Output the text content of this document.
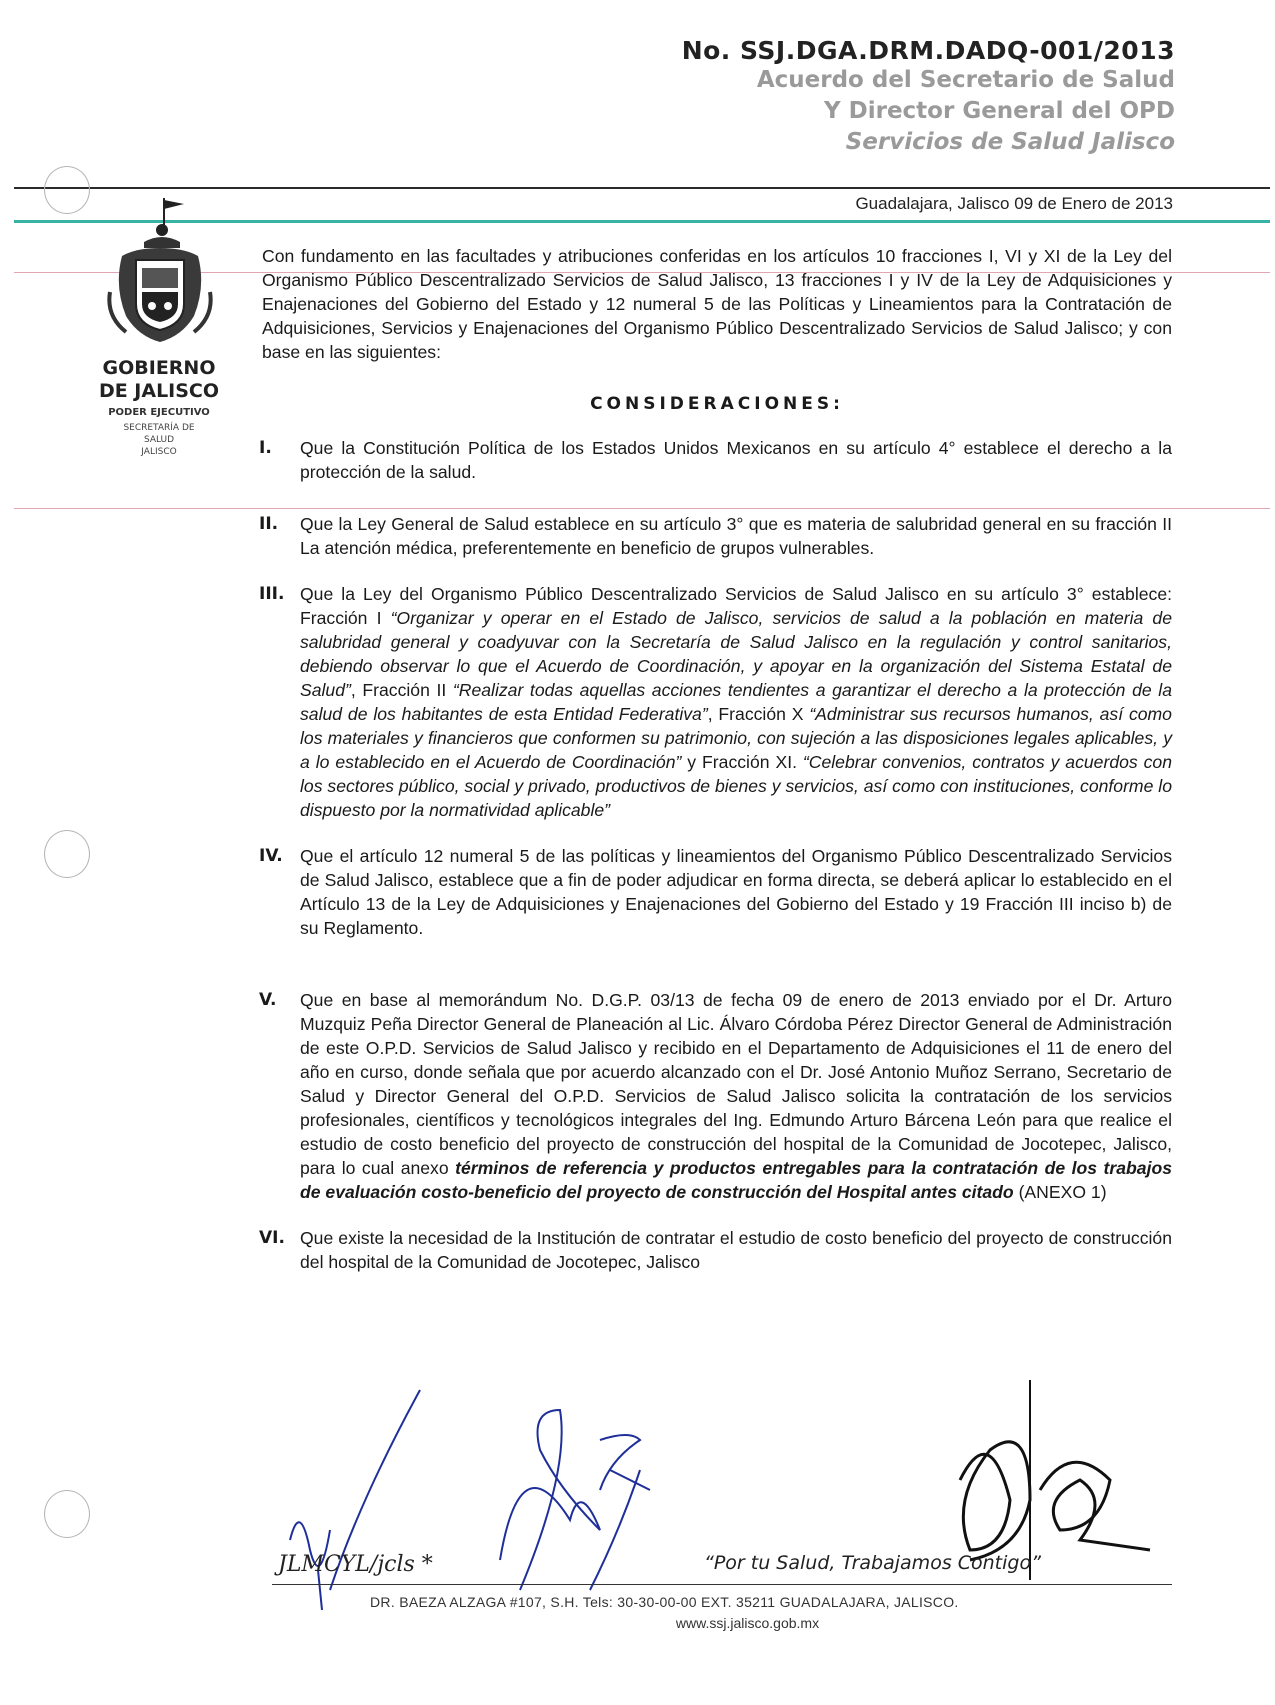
No. SSJ.DGA.DRM.DADQ-001/2013
Acuerdo del Secretario de Salud
Y Director General del OPD
Servicios de Salud Jalisco
Guadalajara, Jalisco 09 de Enero de 2013
GOBIERNO
DE JALISCO
PODER EJECUTIVO
SECRETARÍA DE
SALUD
JALISCO

Con fundamento en las facultades y atribuciones conferidas en los artículos 10 fracciones I, VI y XI de la Ley del Organismo Público Descentralizado Servicios de Salud Jalisco, 13 fracciones I y IV de la Ley de Adquisiciones y Enajenaciones del Gobierno del Estado y 12 numeral 5 de las Políticas y Lineamientos para la Contratación de Adquisiciones, Servicios y Enajenaciones del Organismo Público Descentralizado Servicios de Salud Jalisco; y con base en las siguientes:

CONSIDERACIONES:
I. Que la Constitución Política de los Estados Unidos Mexicanos en su artículo 4° establece el derecho a la protección de la salud.
II. Que la Ley General de Salud establece en su artículo 3° que es materia de salubridad general en su fracción II La atención médica, preferentemente en beneficio de grupos vulnerables.
III. Que la Ley del Organismo Público Descentralizado Servicios de Salud Jalisco en su artículo 3° establece: Fracción I “Organizar y operar en el Estado de Jalisco, servicios de salud a la población en materia de salubridad general y coadyuvar con la Secretaría de Salud Jalisco en la regulación y control sanitarios, debiendo observar lo que el Acuerdo de Coordinación, y apoyar en la organización del Sistema Estatal de Salud”, Fracción II “Realizar todas aquellas acciones tendientes a garantizar el derecho a la protección de la salud de los habitantes de esta Entidad Federativa”, Fracción X “Administrar sus recursos humanos, así como los materiales y financieros que conformen su patrimonio, con sujeción a las disposiciones legales aplicables, y a lo establecido en el Acuerdo de Coordinación” y Fracción XI. “Celebrar convenios, contratos y acuerdos con los sectores público, social y privado, productivos de bienes y servicios, así como con instituciones, conforme lo dispuesto por la normatividad aplicable”
IV. Que el artículo 12 numeral 5 de las políticas y lineamientos del Organismo Público Descentralizado Servicios de Salud Jalisco, establece que a fin de poder adjudicar en forma directa, se deberá aplicar lo establecido en el Artículo 13 de la Ley de Adquisiciones y Enajenaciones del Gobierno del Estado y 19 Fracción III inciso b) de su Reglamento.
V. Que en base al memorándum No. D.G.P. 03/13 de fecha 09 de enero de 2013 enviado por el Dr. Arturo Muzquiz Peña Director General de Planeación al Lic. Álvaro Córdoba Pérez Director General de Administración de este O.P.D. Servicios de Salud Jalisco y recibido en el Departamento de Adquisiciones el 11 de enero del año en curso, donde señala que por acuerdo alcanzado con el Dr. José Antonio Muñoz Serrano, Secretario de Salud y Director General del O.P.D. Servicios de Salud Jalisco solicita la contratación de los servicios profesionales, científicos y tecnológicos integrales del Ing. Edmundo Arturo Bárcena León para que realice el estudio de costo beneficio del proyecto de construcción del hospital de la Comunidad de Jocotepec, Jalisco, para lo cual anexo términos de referencia y productos entregables para la contratación de los trabajos de evaluación costo-beneficio del proyecto de construcción del Hospital antes citado (ANEXO 1)
VI. Que existe la necesidad de la Institución de contratar el estudio de costo beneficio del proyecto de construcción del hospital de la Comunidad de Jocotepec, Jalisco
JLMCYL/jcls *	“Por tu Salud, Trabajamos Contigo”
DR. BAEZA ALZAGA #107, S.H. Tels: 30-30-00-00 EXT. 35211 GUADALAJARA, JALISCO.
www.ssj.jalisco.gob.mx
